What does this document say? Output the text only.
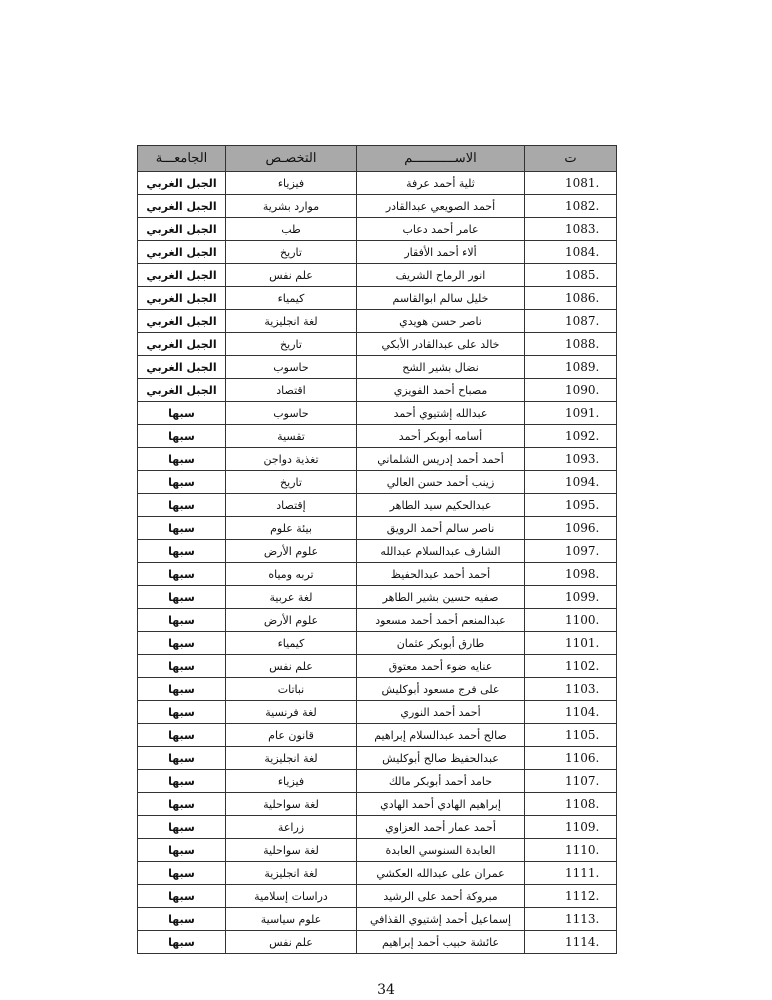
ت	الاســـــــــــم	التخصـص	الجامعـــة
1081.	ثلية أحمد عرفة	فيزياء	الجبل الغربي
1082.	أحمد الصويعي عبدالقادر	موارد بشرية	الجبل الغربي
1083.	عامر أحمد دعاب	طب	الجبل الغربي
1084.	ألاء أحمد الأفقار	تاريخ	الجبل الغربي
1085.	انور الرماح الشريف	علم نفس	الجبل الغربي
1086.	خليل سالم ابوالقاسم	كيمياء	الجبل الغربي
1087.	ناصر حسن هويدي	لغة انجليزية	الجبل الغربي
1088.	خالد على عبدالقادر الأبكي	تاريخ	الجبل الغربي
1089.	نضال بشير الشح	حاسوب	الجبل الغربي
1090.	مصباح أحمد الفويزي	اقتصاد	الجبل الغربي
1091.	عبدالله إشتيوي أحمد	حاسوب	سبها
1092.	أسامه أبوبكر أحمد	تقسية	سبها
1093.	أحمد أحمد إدريس الشلماني	تغذية دواجن	سبها
1094.	زينب أحمد حسن العالي	تاريخ	سبها
1095.	عبدالحكيم سيد الطاهر	إقتصاد	سبها
1096.	ناصر سالم أحمد الرويق	بيئة علوم	سبها
1097.	الشارف عبدالسلام عبدالله	علوم الأرض	سبها
1098.	أحمد أحمد عبدالحفيظ	تربه ومياه	سبها
1099.	صفيه حسين بشير الطاهر	لغة عربية	سبها
1100.	عبدالمنعم أحمد أحمد مسعود	علوم الأرض	سبها
1101.	طارق أبوبكر عثمان	كيمياء	سبها
1102.	عنايه ضوء أحمد معتوق	علم نفس	سبها
1103.	على فرج مسعود أبوكليش	نباتات	سبها
1104.	أحمد أحمد النوري	لغة فرنسية	سبها
1105.	صالح أحمد عبدالسلام إبراهيم	قانون عام	سبها
1106.	عبدالحفيظ صالح أبوكليش	لغة انجليزية	سبها
1107.	حامد أحمد أبوبكر مالك	فيزياء	سبها
1108.	إبراهيم الهادي أحمد الهادي	لغة سواحلية	سبها
1109.	أحمد عمار أحمد العزاوي	زراعة	سبها
1110.	العابدة السنوسي العابدة	لغة سواحلية	سبها
1111.	عمران على عبدالله العكشي	لغة انجليزية	سبها
1112.	مبروكة أحمد على الرشيد	دراسات إسلامية	سبها
1113.	إسماعيل أحمد إشتيوي القذافي	علوم سياسية	سبها
1114.	عائشة حبيب أحمد إبراهيم	علم نفس	سبها
34
